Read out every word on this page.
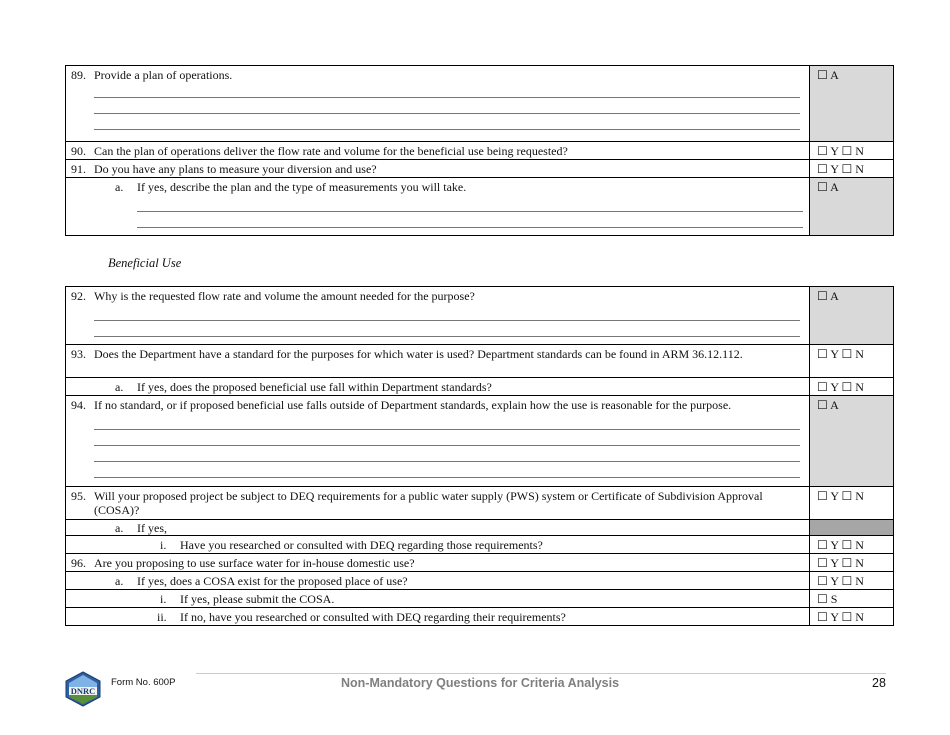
89. Provide a plan of operations.	☐ A

90. Can the plan of operations deliver the flow rate and volume for the beneficial use being requested?	☐ Y ☐ N

91. Do you have any plans to measure your diversion and use?	☐ Y ☐ N

a. If yes, describe the plan and the type of measurements you will take.	☐ A
Beneficial Use
92. Why is the requested flow rate and volume the amount needed for the purpose?	☐ A

93. Does the Department have a standard for the purposes for which water is used? Department standards can be found in ARM 36.12.112.	☐ Y ☐ N

a. If yes, does the proposed beneficial use fall within Department standards?	☐ Y ☐ N

94. If no standard, or if proposed beneficial use falls outside of Department standards, explain how the use is reasonable for the purpose.	☐ A

95. Will your proposed project be subject to DEQ requirements for a public water supply (PWS) system or Certificate of Subdivision Approval (COSA)?	☐ Y ☐ N

a. If yes,	

i. Have you researched or consulted with DEQ regarding those requirements?	☐ Y ☐ N

96. Are you proposing to use surface water for in-house domestic use?	☐ Y ☐ N

a. If yes, does a COSA exist for the proposed place of use?	☐ Y ☐ N

i. If yes, please submit the COSA.	☐ S

ii. If no, have you researched or consulted with DEQ regarding their requirements?	☐ Y ☐ N
DNRC
Form No. 600P	Non-Mandatory Questions for Criteria Analysis	28
